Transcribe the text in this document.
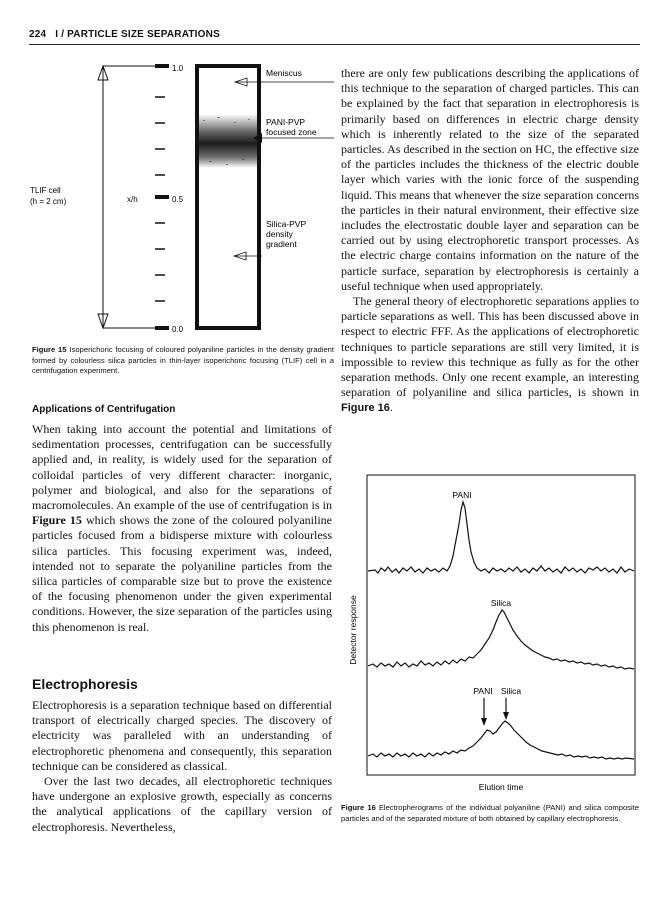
224 I / PARTICLE SIZE SEPARATIONS
1.0
0.5
0.0
x/h
TLIF cell
(h = 2 cm)
Meniscus
PANI-PVP
focused zone
Silica-PVP
density
gradient
Figure 15 Isoperichoric focusing of coloured polyaniline particles in the density gradient formed by colourless silica particles in thin-layer isoperichoric focusing (TLIF) cell in a centrifugation experiment.
Applications of Centrifugation

When taking into account the potential and limitations of sedimentation processes, centrifugation can be successfully applied and, in reality, is widely used for the separation of colloidal particles of very different character: inorganic, polymer and biological, and also for the separations of macromolecules. An example of the use of centrifugation is in Figure 15 which shows the zone of the coloured polyaniline particles focused from a bidisperse mixture with colourless silica particles. This focusing experiment was, indeed, intended not to separate the polyaniline particles from the silica particles of comparable size but to prove the existence of the focusing phenomenon under the given experimental conditions. However, the size separation of the particles using this phenomenon is real.

Electrophoresis

Electrophoresis is a separation technique based on differential transport of electrically charged species. The discovery of electricity was paralleled with an understanding of electrophoretic phenomena and consequently, this separation technique can be considered as classical.

Over the last two decades, all electrophoretic techniques have undergone an explosive growth, especially as concerns the analytical applications of the capillary version of electrophoresis. Nevertheless,

there are only few publications describing the applications of this technique to the separation of charged particles. This can be explained by the fact that separation in electrophoresis is primarily based on differences in electric charge density which is inherently related to the size of the separated particles. As described in the section on HC, the effective size of the particles includes the thickness of the electric double layer which varies with the ionic force of the suspending liquid. This means that whenever the size separation concerns the particles in their natural environment, their effective size includes the electrostatic double layer and separation can be carried out by using electrophoretic transport processes. As the electric charge contains information on the nature of the particle surface, separation by electrophoresis is certainly a useful technique when used appropriately.

The general theory of electrophoretic separations applies to particle separations as well. This has been discussed above in respect to electric FFF. As the applications of electrophoretic techniques to particle separations are still very limited, it is impossible to review this technique as fully as for the other separation methods. Only one recent example, an interesting separation of polyaniline and silica particles, is shown in Figure 16.

PANI
Silica
PANI Silica
Detector response
Elution time
Figure 16 Electropherograms of the individual polyaniline (PANI) and silica composite particles and of the separated mixture of both obtained by capillary electrophoresis.
